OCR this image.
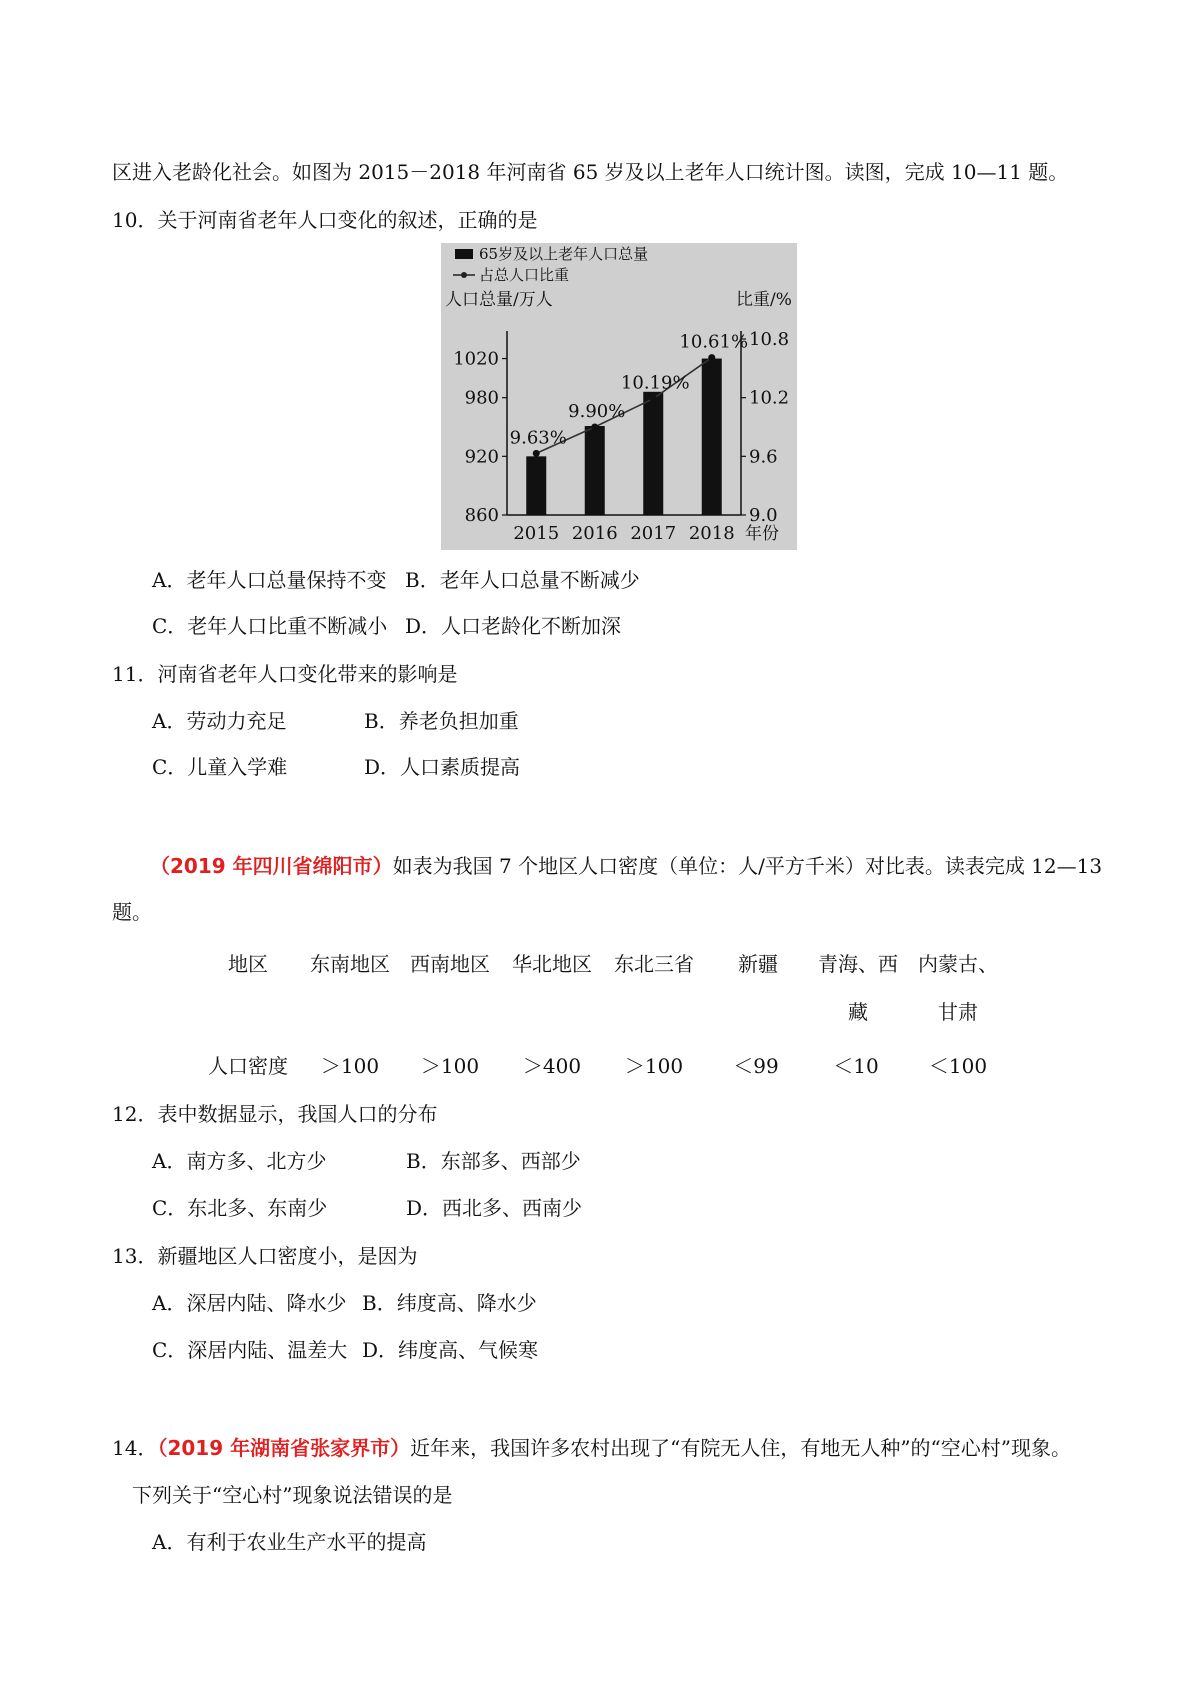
区进入老龄化社会。如图为 2015－2018 年河南省 65 岁及以上老年人口统计图。读图，完成 10—11 题。
10．关于河南省老年人口变化的叙述，正确的是
65岁及以上老年人口总量
占总人口比重
人口总量/万人	比重/%
860
920
980
1020
9.0
9.6
10.2
10.8
2015 2016 2017 2018 年份
9.63%
9.90%
10.19%
10.61%
A．老年人口总量保持不变 B．老年人口总量不断减少
C．老年人口比重不断减小 D．人口老龄化不断加深
11．河南省老年人口变化带来的影响是
A．劳动力充足	B．养老负担加重
C．儿童入学难	D．人口素质提高
（2019 年四川省绵阳市）如表为我国 7 个地区人口密度（单位：人/平方千米）对比表。读表完成 12—13
题。
地区	东南地区	西南地区	华北地区	东北三省	新疆	青海、西	内蒙古、
藏	甘肃
人口密度	＞100	＞100	＞400	＞100	＜99	＜10	＜100
12．表中数据显示，我国人口的分布
A．南方多、北方少	B．东部多、西部少
C．东北多、东南少	D．西北多、西南少
13．新疆地区人口密度小，是因为
A．深居内陆、降水少 B．纬度高、降水少
C．深居内陆、温差大 D．纬度高、气候寒
14．（2019 年湖南省张家界市）近年来，我国许多农村出现了“有院无人住，有地无人种”的“空心村”现象。
下列关于“空心村”现象说法错误的是
A．有利于农业生产水平的提高
